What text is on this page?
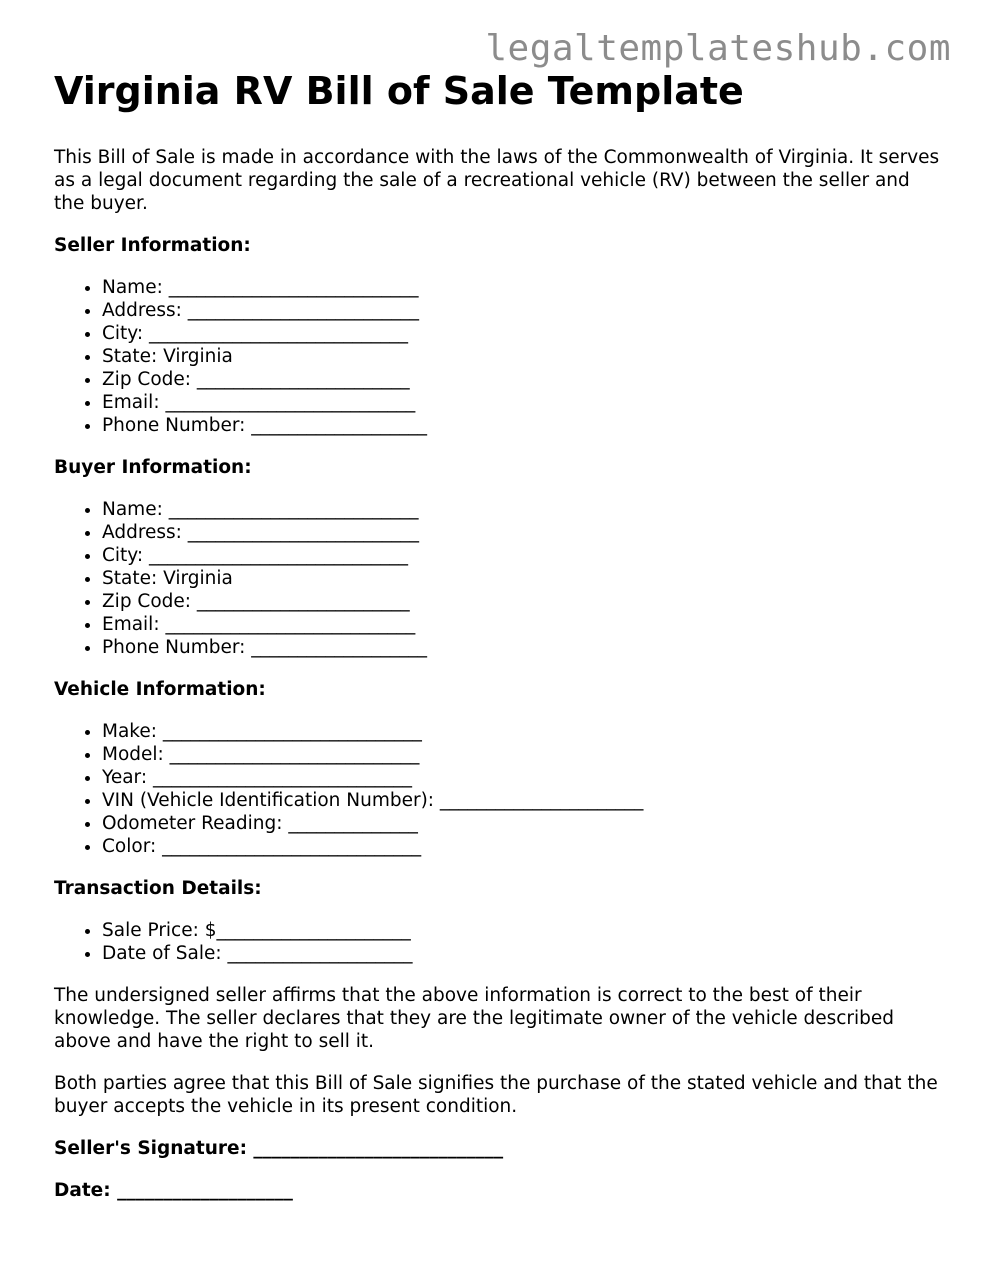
legaltemplateshub.com
Virginia RV Bill of Sale Template

This Bill of Sale is made in accordance with the laws of the Commonwealth of Virginia. It serves as a legal document regarding the sale of a recreational vehicle (RV) between the seller and the buyer.

Seller Information:
• Name: ___________________________
• Address: _________________________
• City: ____________________________
• State: Virginia
• Zip Code: _______________________
• Email: ___________________________
• Phone Number: ___________________
Buyer Information:
• Name: ___________________________
• Address: _________________________
• City: ____________________________
• State: Virginia
• Zip Code: _______________________
• Email: ___________________________
• Phone Number: ___________________
Vehicle Information:
• Make: ____________________________
• Model: ___________________________
• Year: ____________________________
• VIN (Vehicle Identification Number): ______________________
• Odometer Reading: ______________
• Color: ____________________________
Transaction Details:
• Sale Price: $_____________________
• Date of Sale: ____________________

The undersigned seller affirms that the above information is correct to the best of their knowledge. The seller declares that they are the legitimate owner of the vehicle described above and have the right to sell it.

Both parties agree that this Bill of Sale signifies the purchase of the stated vehicle and that the buyer accepts the vehicle in its present condition.

Seller's Signature: ___________________________
Date: ___________________
